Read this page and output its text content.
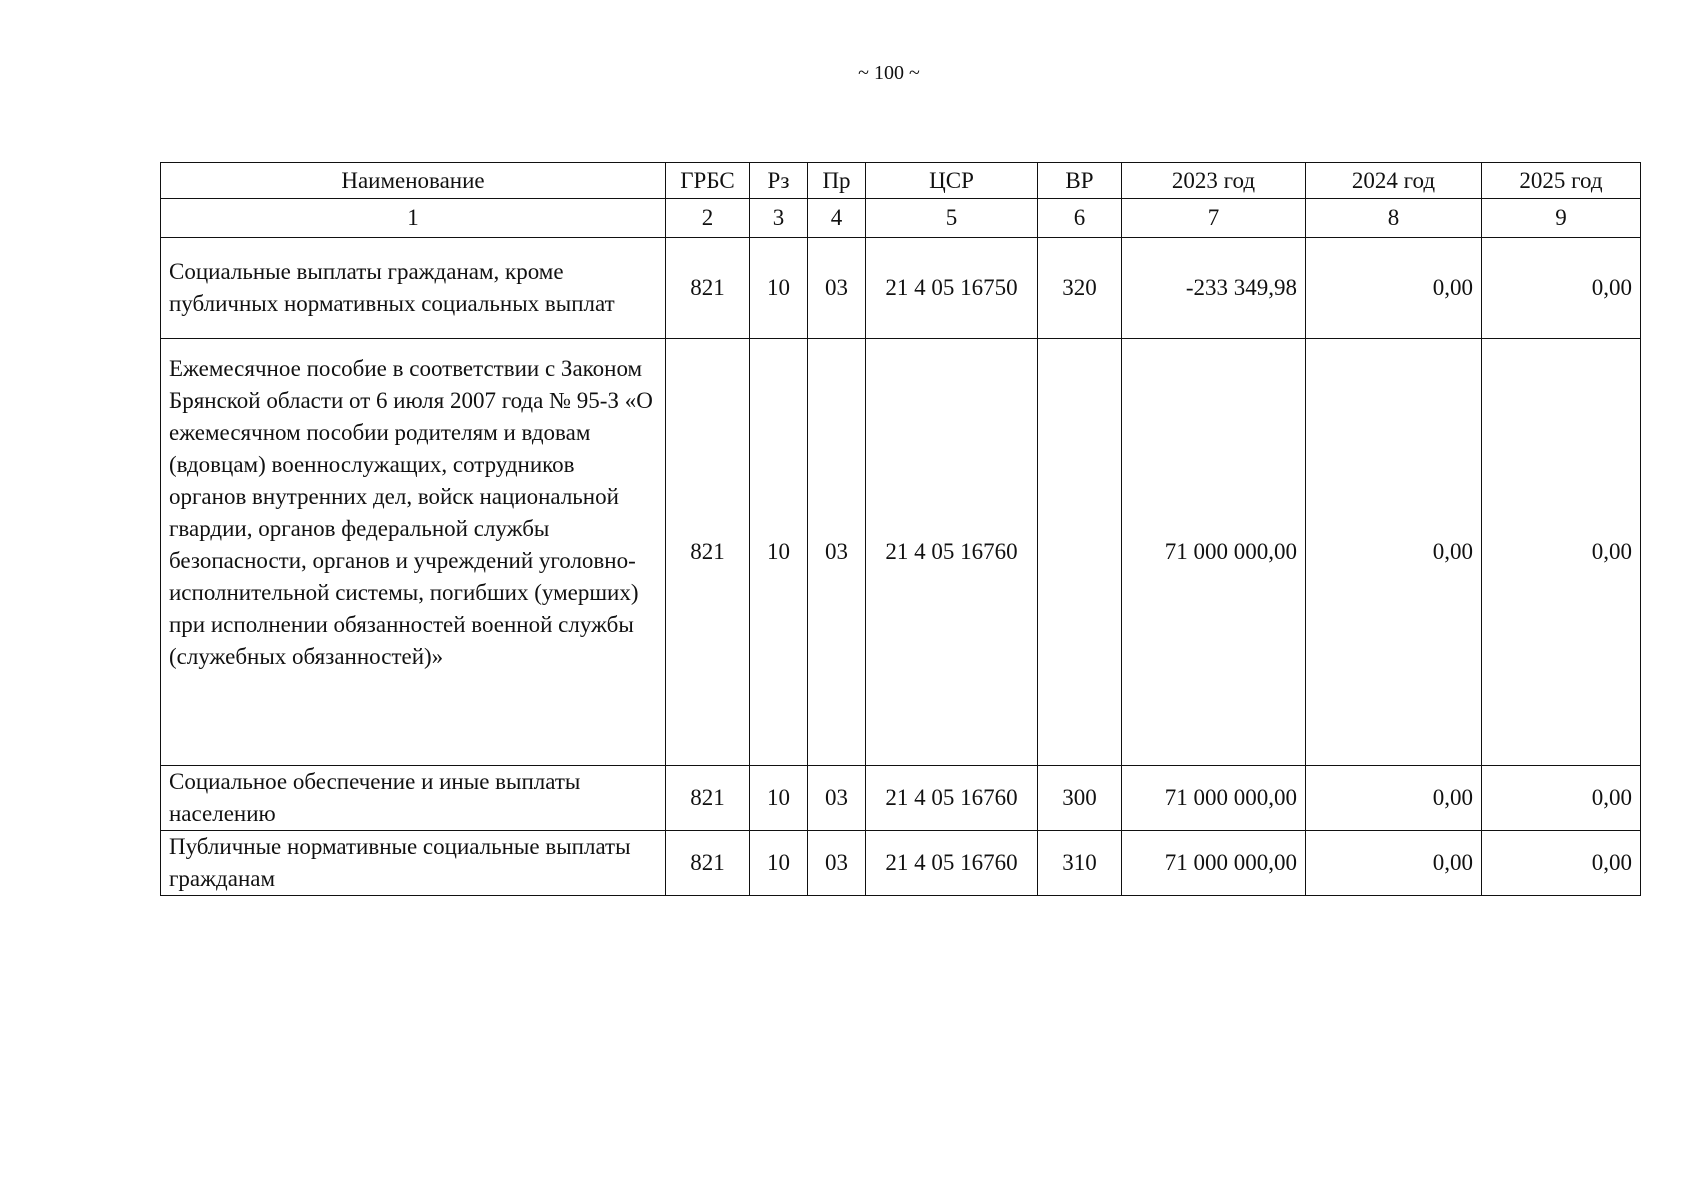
~ 100 ~
Наименование	ГРБС	Рз	Пр	ЦСР	ВР	2023 год	2024 год	2025 год
1	2	3	4	5	6	7	8	9
Социальные выплаты гражданам, кроме публичных нормативных социальных выплат	821	10	03	21 4 05 16750	320	-233 349,98	0,00	0,00
Ежемесячное пособие в соответствии с Законом Брянской области от 6 июля 2007 года № 95-З «О ежемесячном пособии родителям и вдовам (вдовцам) военнослужащих, сотрудников органов внутренних дел, войск национальной гвардии, органов федеральной службы безопасности, органов и учреждений уголовно-исполнительной системы, погибших (умерших) при исполнении обязанностей военной службы (служебных обязанностей)»	821	10	03	21 4 05 16760		71 000 000,00	0,00	0,00
Социальное обеспечение и иные выплаты населению	821	10	03	21 4 05 16760	300	71 000 000,00	0,00	0,00
Публичные нормативные социальные выплаты гражданам	821	10	03	21 4 05 16760	310	71 000 000,00	0,00	0,00
